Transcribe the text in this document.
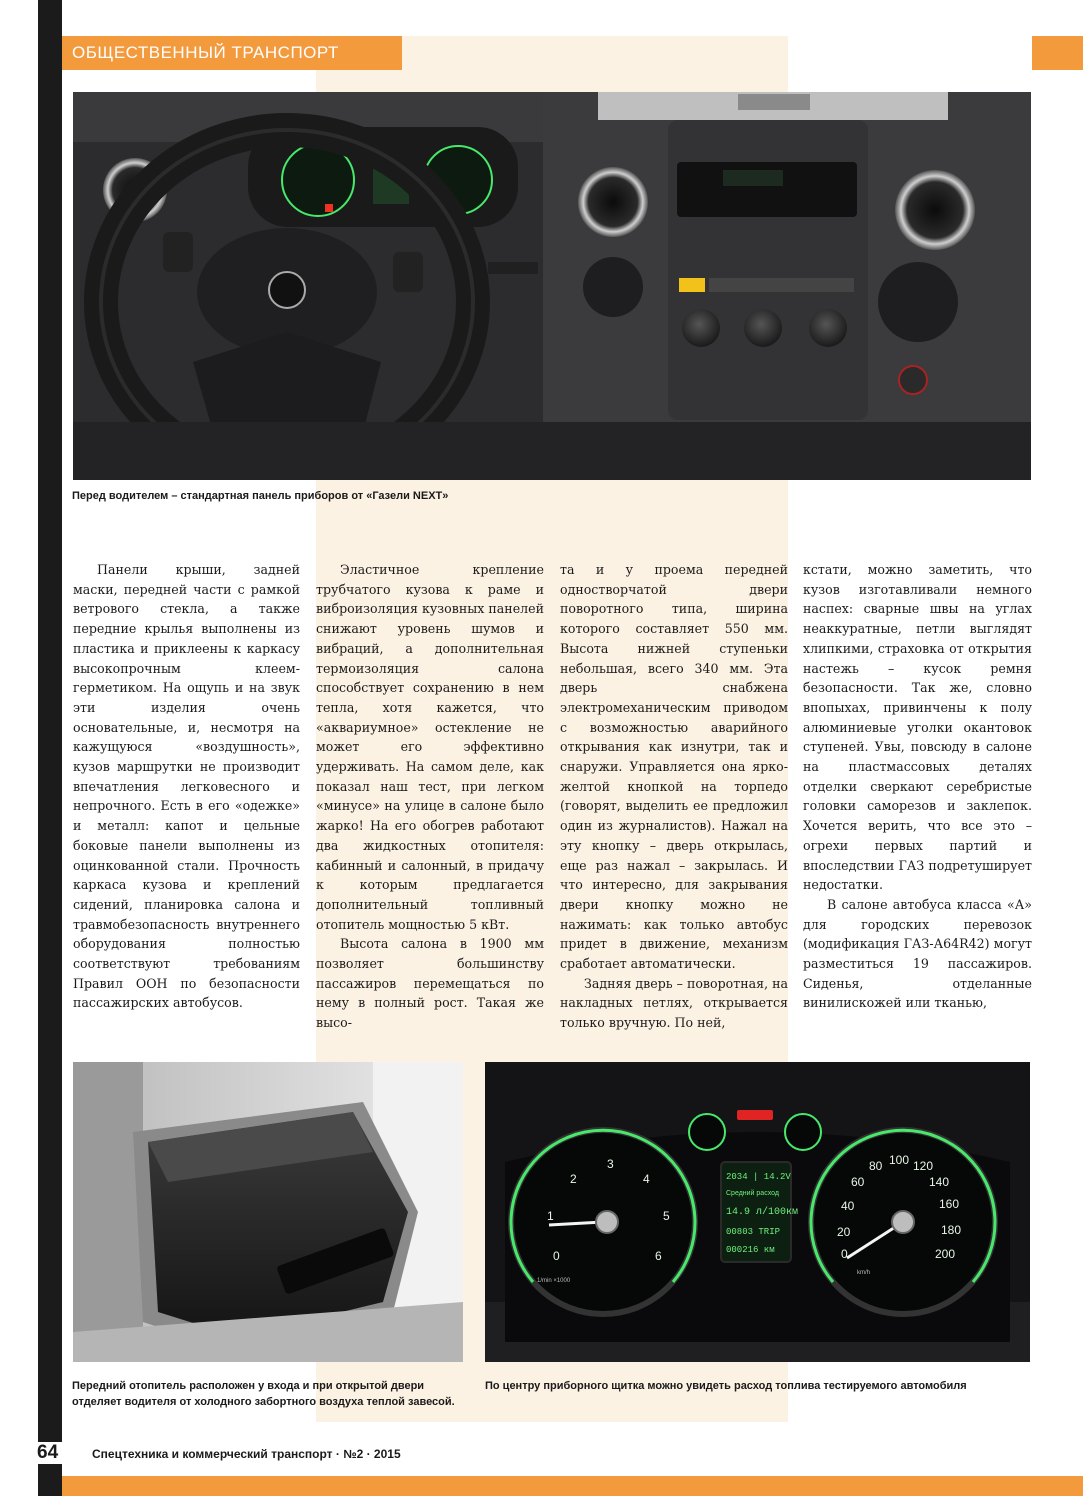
ОБЩЕСТВЕННЫЙ ТРАНСПОРТ
Перед водителем – стандартная панель приборов от «Газели NEXT»

Панели крыши, задней маски, передней части с рамкой ветрового стекла, а также передние крылья выполнены из пластика и приклеены к каркасу высокопрочным клеем-герметиком. На ощупь и на звук эти изделия очень основательные, и, несмотря на кажущуюся «воздушность», кузов маршрутки не производит впечатления легковесного и непрочного. Есть в его «одежке» и металл: капот и цельные боковые панели выполнены из оцинкованной стали. Прочность каркаса кузова и креплений сидений, планировка салона и травмобезопасность внутреннего оборудования полностью соответствуют требованиям Правил ООН по безопасности пассажирских автобусов.

Эластичное крепление трубчатого кузова к раме и виброизоляция кузовных панелей снижают уровень шумов и вибраций, а дополнительная термоизоляция салона способствует сохранению в нем тепла, хотя кажется, что «аквариумное» остекление не может его эффективно удерживать. На самом деле, как показал наш тест, при легком «минусе» на улице в салоне было жарко! На его обогрев работают два жидкостных отопителя: кабинный и салонный, в придачу к которым предлагается дополнительный топливный отопитель мощностью 5 кВт.

Высота салона в 1900 мм позволяет большинству пассажиров перемещаться по нему в полный рост. Такая же высо-

та и у проема передней одностворчатой двери поворотного типа, ширина которого составляет 550 мм. Высота нижней ступеньки небольшая, всего 340 мм. Эта дверь снабжена электромеханическим приводом с возможностью аварийного открывания как изнутри, так и снаружи. Управляется она ярко-желтой кнопкой на торпедо (говорят, выделить ее предложил один из журналистов). Нажал на эту кнопку – дверь открылась, еще раз нажал – закрылась. И что интересно, для закрывания двери кнопку можно не нажимать: как только автобус придет в движение, механизм сработает автоматически.

Задняя дверь – поворотная, на накладных петлях, открывается только вручную. По ней,

кстати, можно заметить, что кузов изготавливали немного наспех: сварные швы на углах неаккуратные, петли выглядят хлипкими, страховка от открытия настежь – кусок ремня безопасности. Так же, словно впопыхах, привинчены к полу алюминиевые уголки окантовок ступеней. Увы, повсюду в салоне на пластмассовых деталях отделки сверкают серебристые головки саморезов и заклепок. Хочется верить, что все это – огрехи первых партий и впоследствии ГАЗ подретуширует недостатки.

В салоне автобуса класса «А» для городских перевозок (модификация ГАЗ-А64R42) могут разместиться 19 пассажиров. Сиденья, отделанные винилискожей или тканью,

Передний отопитель расположен у входа и при открытой двери отделяет водителя от холодного забортного воздуха теплой завесой.
0
1
2
3
4
5
6	0
20
40
60
80 100 120
140
160
180
200
2034 | 14.2V
Средний расход
14.9 л/100км
00803 TRIP
000216 км
1/min ×1000
km/h
По центру приборного щитка можно увидеть расход топлива тестируемого автомобиля
64	Спецтехника и коммерческий транспорт · №2 · 2015
